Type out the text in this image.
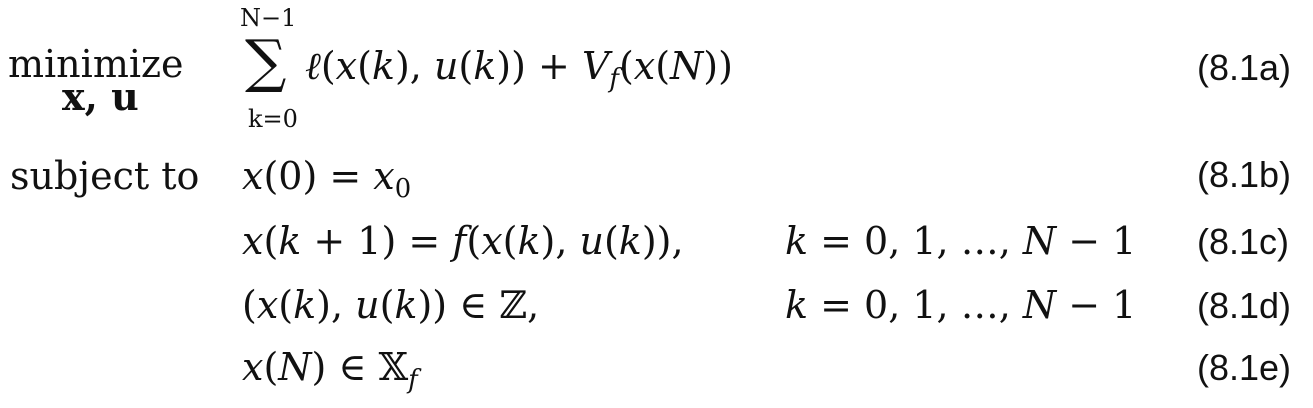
minimize
x, u
subject to
N−1
∑
k=0
ℓ(x(k), $u(k)) + V_f(x(N))$	(8.1a)
$x(0) = x_0$	(8.1b)
x(k + 1) = f(x(k), u(k)),	k = 0, 1, …, N − 1 (8.1c)
(x(k), u(k)) ∈ ℤ,	k = 0, 1, …, N − 1 (8.1d)
x(N) ∈ 𝕏$_f$	(8.1e)
